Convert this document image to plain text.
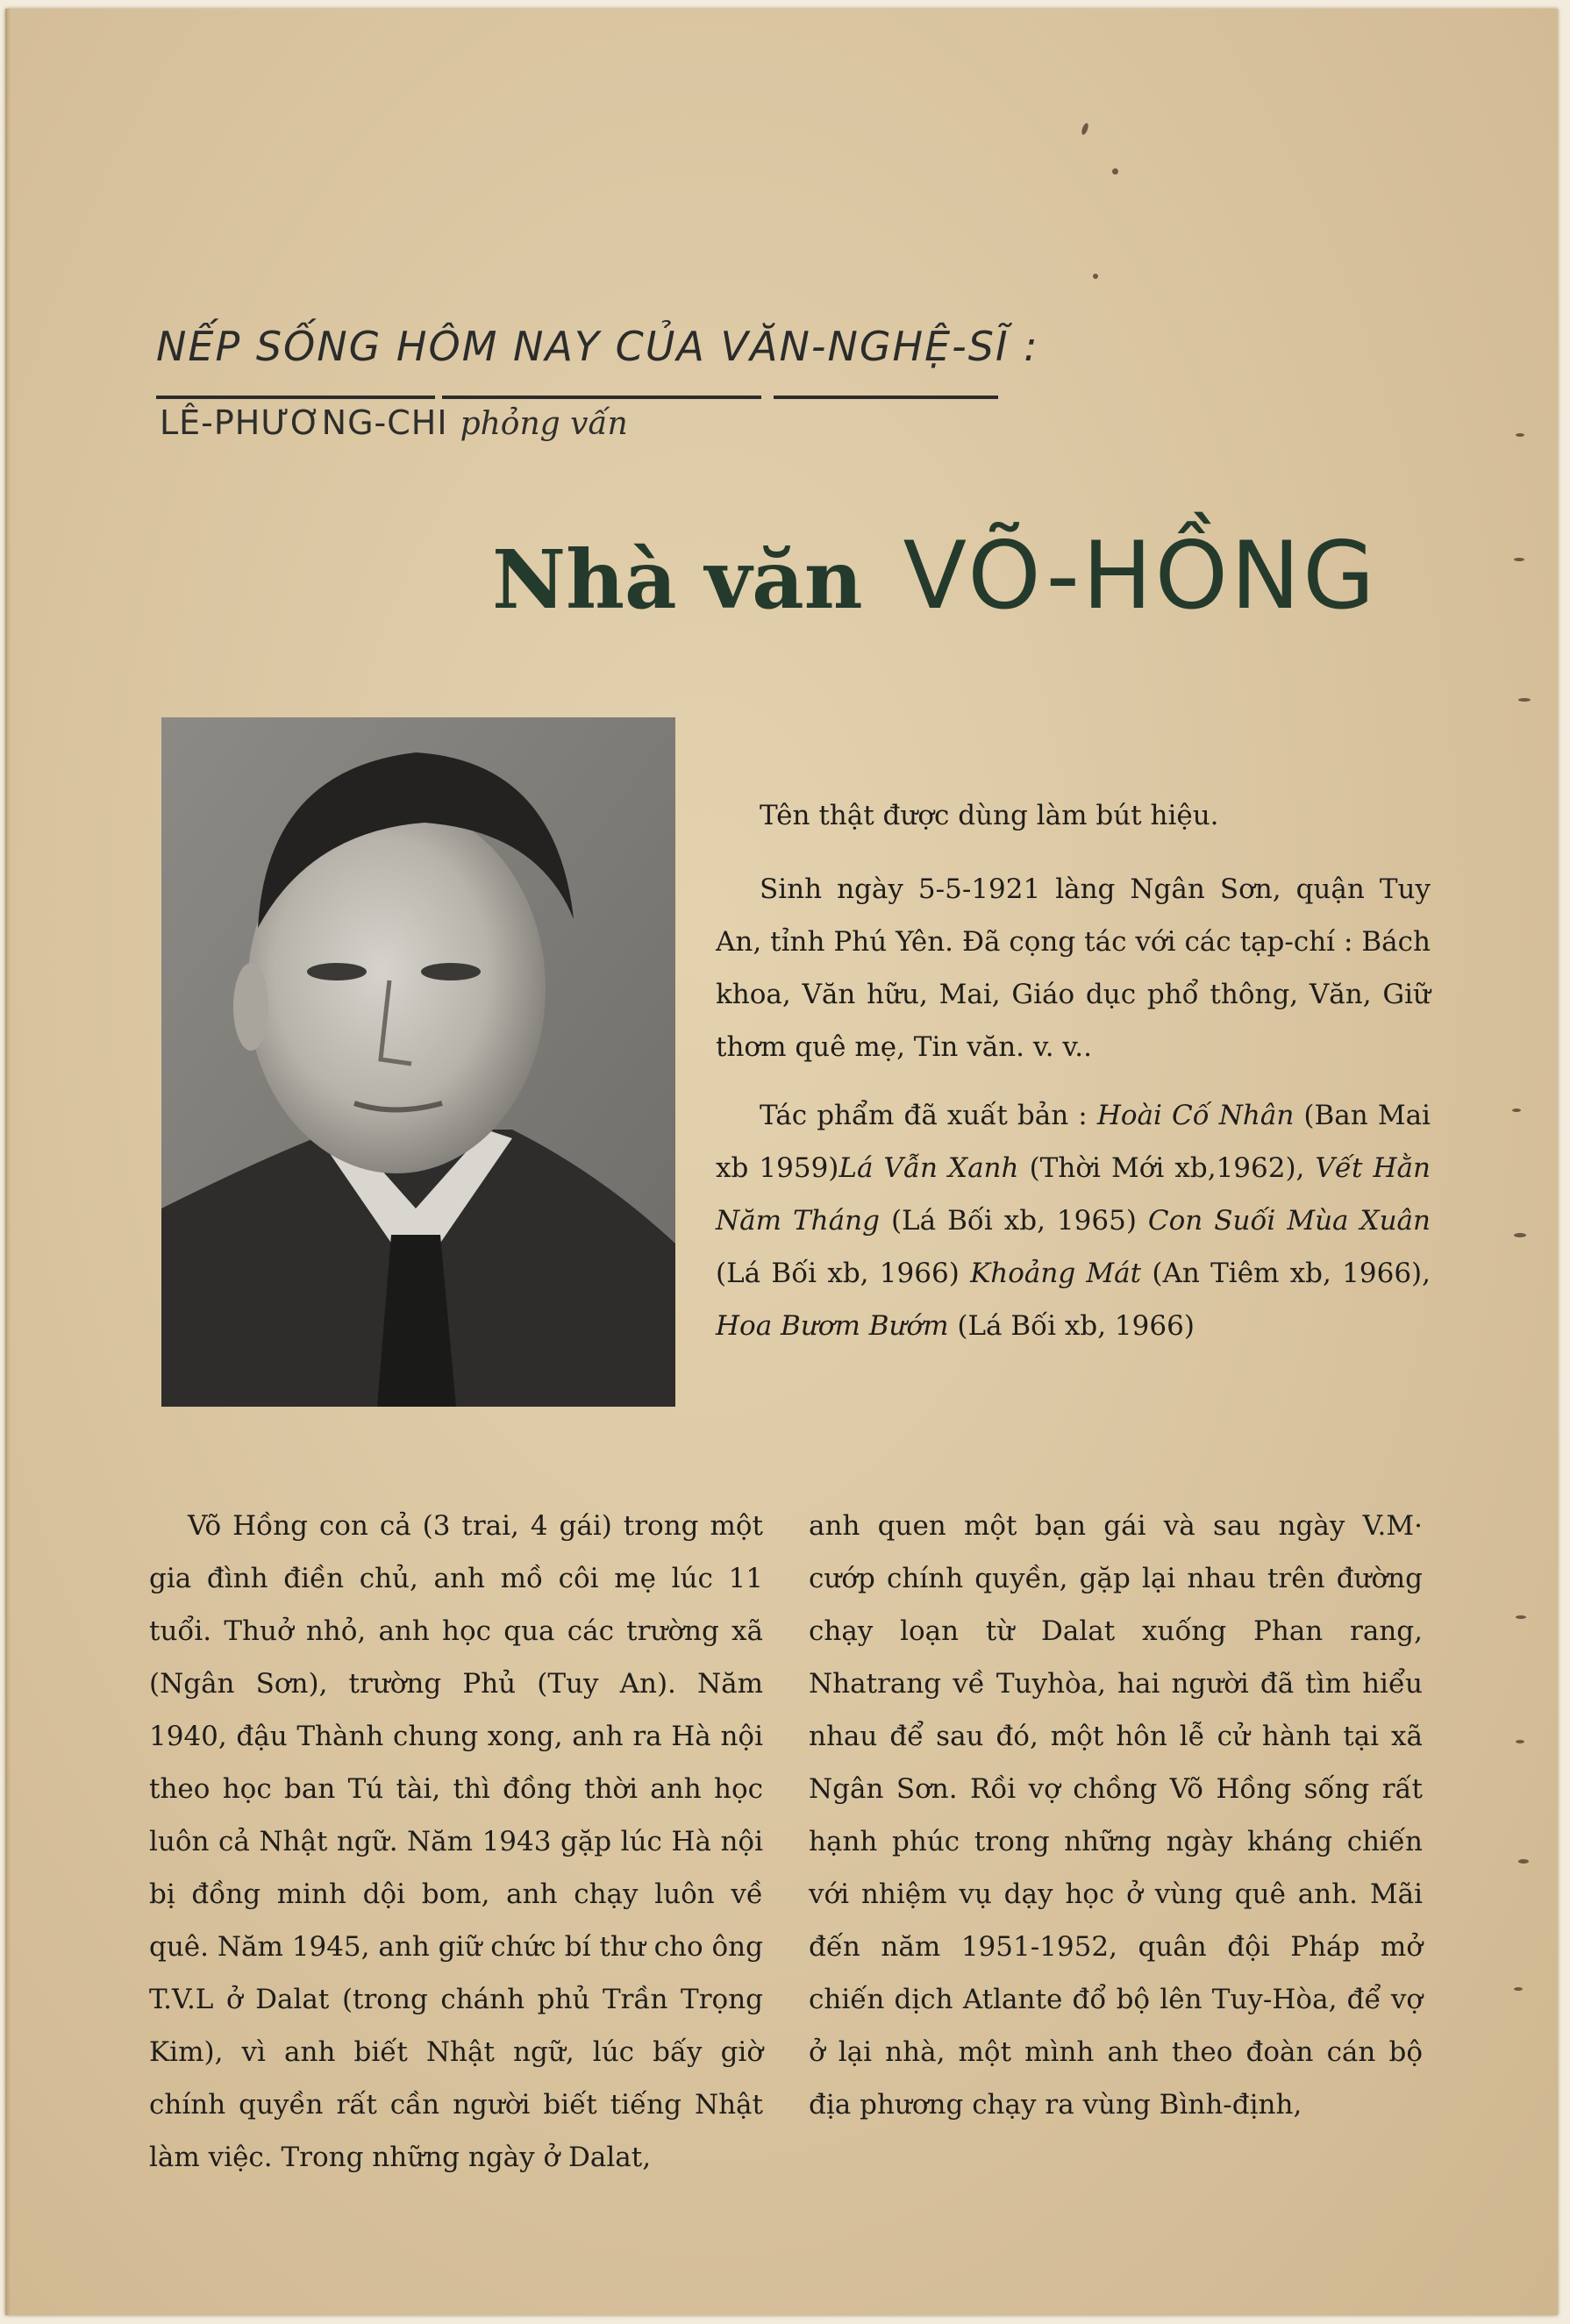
NẾP SỐNG HÔM NAY CỦA VĂN-NGHỆ-SĨ :
LÊ-PHƯƠNG-CHI phỏng vấn
Nhà văn VÕ-HỒNG

Tên thật được dùng làm bút hiệu.

Sinh ngày 5-5-1921 làng Ngân Sơn, quận Tuy An, tỉnh Phú Yên. Đã cọng tác với các tạp-chí : Bách khoa, Văn hữu, Mai, Giáo dục phổ thông, Văn, Giữ thơm quê mẹ, Tin văn. v. v..

Tác phẩm đã xuất bản : Hoài Cố Nhân (Ban Mai xb 1959)Lá Vẫn Xanh (Thời Mới xb,1962), Vết Hằn Năm Tháng (Lá Bối xb, 1965) Con Suối Mùa Xuân (Lá Bối xb, 1966) Khoảng Mát (An Tiêm xb, 1966), Hoa Bươm Bướm (Lá Bối xb, 1966)

Võ Hồng con cả (3 trai, 4 gái) trong một gia đình điền chủ, anh mồ côi mẹ lúc 11 tuổi. Thuở nhỏ, anh học qua các trường xã (Ngân Sơn), trường Phủ (Tuy An). Năm 1940, đậu Thành chung xong, anh ra Hà nội theo học ban Tú tài, thì đồng thời anh học luôn cả Nhật ngữ. Năm 1943 gặp lúc Hà nội bị đồng minh dội bom, anh chạy luôn về quê. Năm 1945, anh giữ chức bí thư cho ông T.V.L ở Dalat (trong chánh phủ Trần Trọng Kim), vì anh biết Nhật ngữ, lúc bấy giờ chính quyền rất cần người biết tiếng Nhật làm việc. Trong những ngày ở Dalat,

anh quen một bạn gái và sau ngày V.M· cướp chính quyền, gặp lại nhau trên đường chạy loạn từ Dalat xuống Phan rang, Nhatrang về Tuyhòa, hai người đã tìm hiểu nhau để sau đó, một hôn lễ cử hành tại xã Ngân Sơn. Rồi vợ chồng Võ Hồng sống rất hạnh phúc trong những ngày kháng chiến với nhiệm vụ dạy học ở vùng quê anh. Mãi đến năm 1951-1952, quân đội Pháp mở chiến dịch Atlante đổ bộ lên Tuy-Hòa, để vợ ở lại nhà, một mình anh theo đoàn cán bộ địa phương chạy ra vùng Bình-định,
